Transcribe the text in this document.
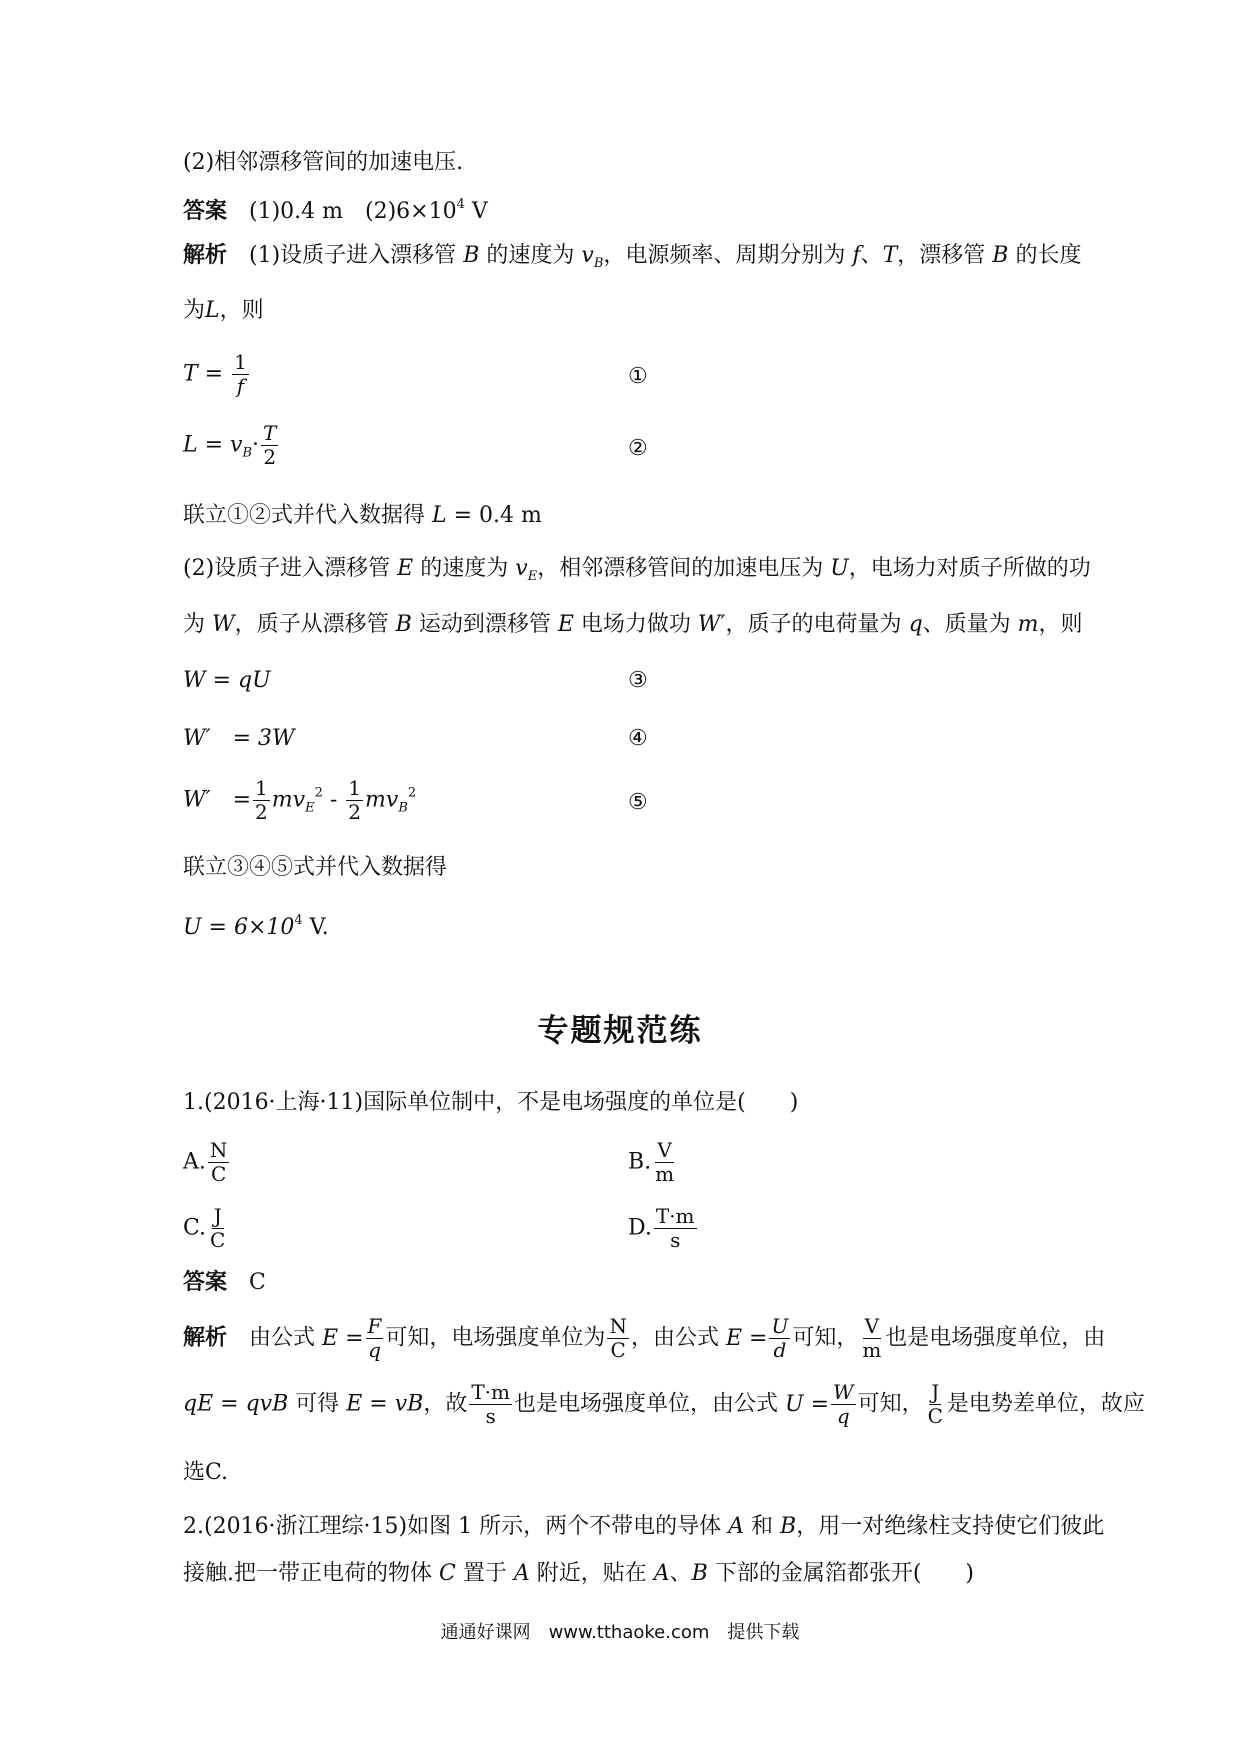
(2)相邻漂移管间的加速电压.
答案 (1)0.4 m　$(2)6\times 10^4$ V
解析 (1)设质子进入漂移管 B 的速度为 $v_B$，电源频率、周期分别为 f、T，漂移管 B 的长度
为L，则
$T = \frac{1}{f}$	①
$L = v_B\cdot \frac{T}{2}$	②
联立①②式并代入数据得 L = 0.4 m
(2)设质子进入漂移管 E 的速度为 $v_E$，相邻漂移管间的加速电压为 U，电场力对质子所做的功
为 W，质子从漂移管 B 运动到漂移管 E 电场力做功 W′，质子的电荷量为 q、质量为 m，则
W = qU	③
W′　= 3W	④
W′　= $\frac{1}{2} mv_E^2 - \frac{1}{2} mv_B^2$	⑤
联立③④⑤式并代入数据得
$U = 6\times 10^4$ V.
专题规范练
1.(2016·上海·11)国际单位制中，不是电场强度的单位是(　　)
A. $\frac{N}{C}$	B. $\frac{V}{m}$
C. $\frac{J}{C}$	D. $\frac{T\cdot m}{s}$
答案 C
解析 由公式 $E = \frac{F}{q}$ 可知，电场强度单位为 $\frac{N}{C}$ ，由公式 $E = \frac{U}{d}$ 可知， $\frac{V}{m}$ 也是电场强度单位，由
qE = qvB 可得 E = vB，故 $\frac{T\cdot m}{s}$ 也是电场强度单位，由公式 $U = \frac{W}{q}$ 可知， $\frac{J}{C}$ 是电势差单位，故应
选C.
2.(2016·浙江理综·15)如图 1 所示，两个不带电的导体 A 和 B，用一对绝缘柱支持使它们彼此
接触.把一带正电荷的物体 C 置于 A 附近，贴在 A、B 下部的金属箔都张开(　　)
通通好课网　www.tthaoke.com　提供下载
